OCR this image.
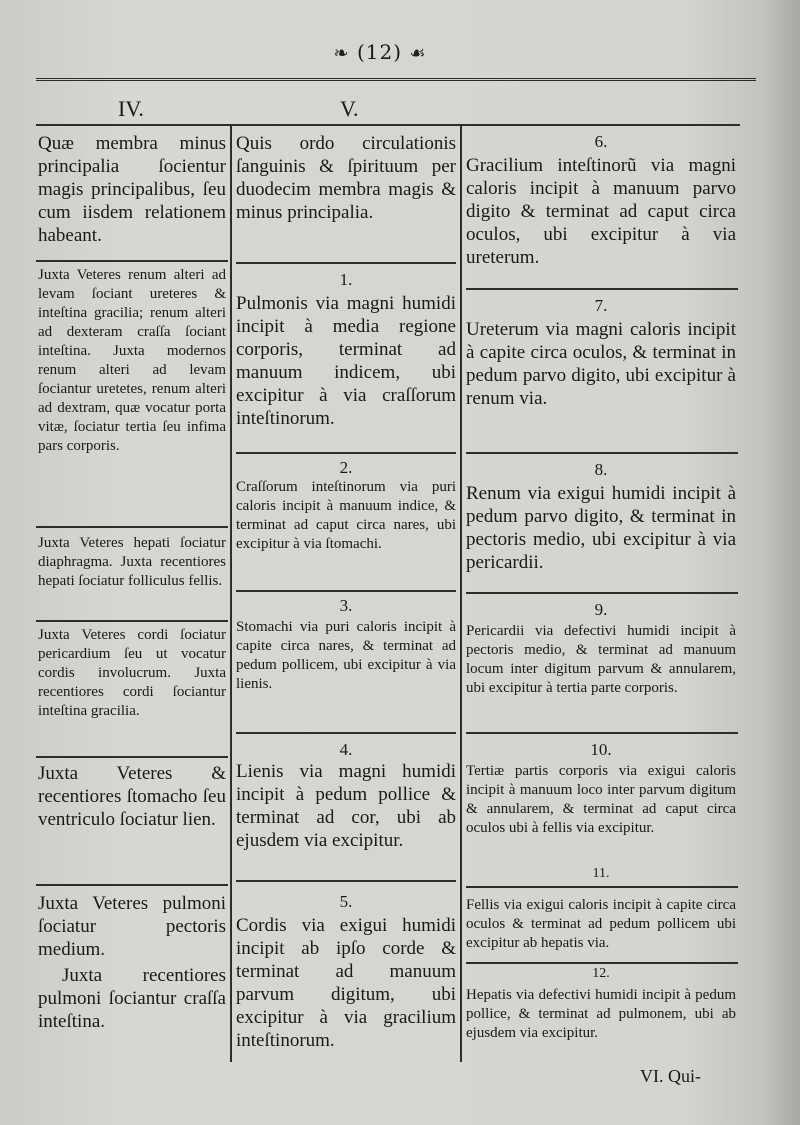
❧ (12) ☙
IV.	V.

Quæ membra minus principalia ſocientur magis principalibus, ſeu cum iisdem relationem habeant.

Juxta Veteres renum alteri ad levam ſociant ureteres & inteſtina gracilia; renum alteri ad dexteram craſſa ſociant inteſtina. Juxta modernos renum alteri ad levam ſociantur uretetes, renum alteri ad dextram, quæ vocatur porta vitæ, ſociatur tertia ſeu infima pars corporis.

Juxta Veteres hepati ſociatur diaphragma. Juxta recentiores hepati ſociatur folliculus fellis.

Juxta Veteres cordi ſociatur pericardium ſeu ut vocatur cordis involucrum. Juxta recentiores cordi ſociantur inteſtina gracilia.

Juxta Veteres & recentiores ſtomacho ſeu ventriculo ſociatur lien.

Juxta Veteres pulmoni ſociatur pectoris medium.

Juxta recentiores pulmoni ſociantur craſſa inteſtina.

Quis ordo circulationis ſanguinis & ſpirituum per duodecim membra magis & minus principalia.

1.

Pulmonis via magni humidi incipit à media regione corporis, terminat ad manuum indicem, ubi excipitur à via craſſorum inteſtinorum.

2.

Craſſorum inteſtinorum via puri caloris incipit à manuum indice, & terminat ad caput circa nares, ubi excipitur à via ſtomachi.

3.

Stomachi via puri caloris incipit à capite circa nares, & terminat ad pedum pollicem, ubi excipitur à via lienis.

4.

Lienis via magni humidi incipit à pedum pollice & terminat ad cor, ubi ab ejusdem via excipitur.

5.

Cordis via exigui humidi incipit ab ipſo corde & terminat ad manuum parvum digitum, ubi excipitur à via gracilium inteſtinorum.

6.

Gracilium inteſtinorũ via magni caloris incipit à manuum parvo digito & terminat ad caput circa oculos, ubi excipitur à via ureterum.

7.

Ureterum via magni caloris incipit à capite circa oculos, & terminat in pedum parvo digito, ubi excipitur à renum via.

8.

Renum via exigui humidi incipit à pedum parvo digito, & terminat in pectoris medio, ubi excipitur à via pericardii.

9.

Pericardii via defectivi humidi incipit à pectoris medio, & terminat ad manuum locum inter digitum parvum & annularem, ubi excipitur à tertia parte corporis.

10.

Tertiæ partis corporis via exigui caloris incipit à manuum loco inter parvum digitum & annularem, & terminat ad caput circa oculos ubi à fellis via excipitur.

11.

Fellis via exigui caloris incipit à capite circa oculos & terminat ad pedum pollicem ubi excipitur ab hepatis via.

12.

Hepatis via defectivi humidi incipit à pedum pollice, & terminat ad pulmonem, ubi ab ejusdem via excipitur.

VI. Qui-
